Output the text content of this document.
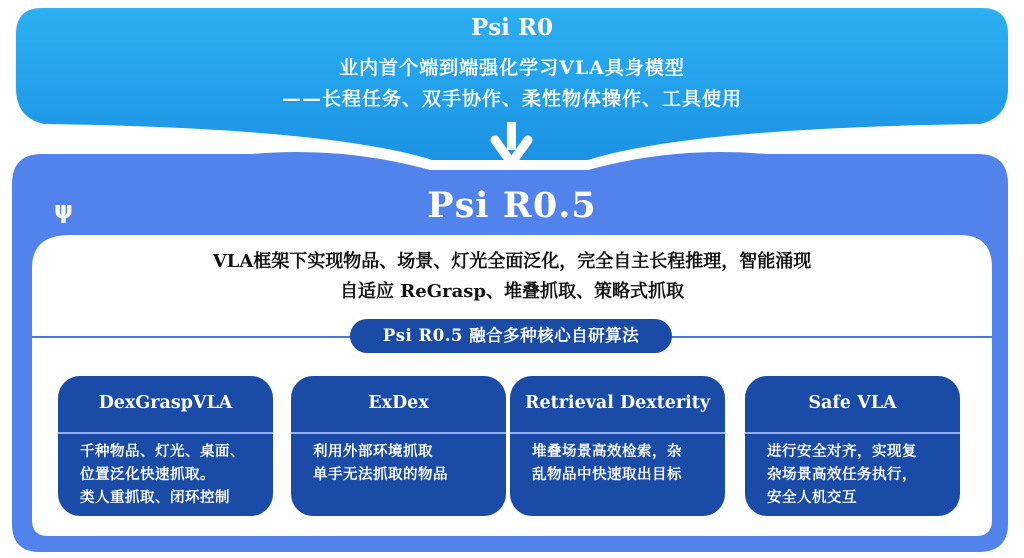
Psi R0
业内首个端到端强化学习VLA具身模型
——长程任务、双手协作、柔性物体操作、工具使用
ψ	Psi R0.5
VLA框架下实现物品、场景、灯光全面泛化，完全自主长程推理，智能涌现
自适应 ReGrasp、堆叠抓取、策略式抓取
Psi R0.5 融合多种核心自研算法
DexGraspVLA
千种物品、灯光、桌面、
位置泛化快速抓取。
类人重抓取、闭环控制
ExDex
利用外部环境抓取
单手无法抓取的物品
Retrieval Dexterity
堆叠场景高效检索，杂
乱物品中快速取出目标
Safe VLA
进行安全对齐，实现复
杂场景高效任务执行，
安全人机交互
